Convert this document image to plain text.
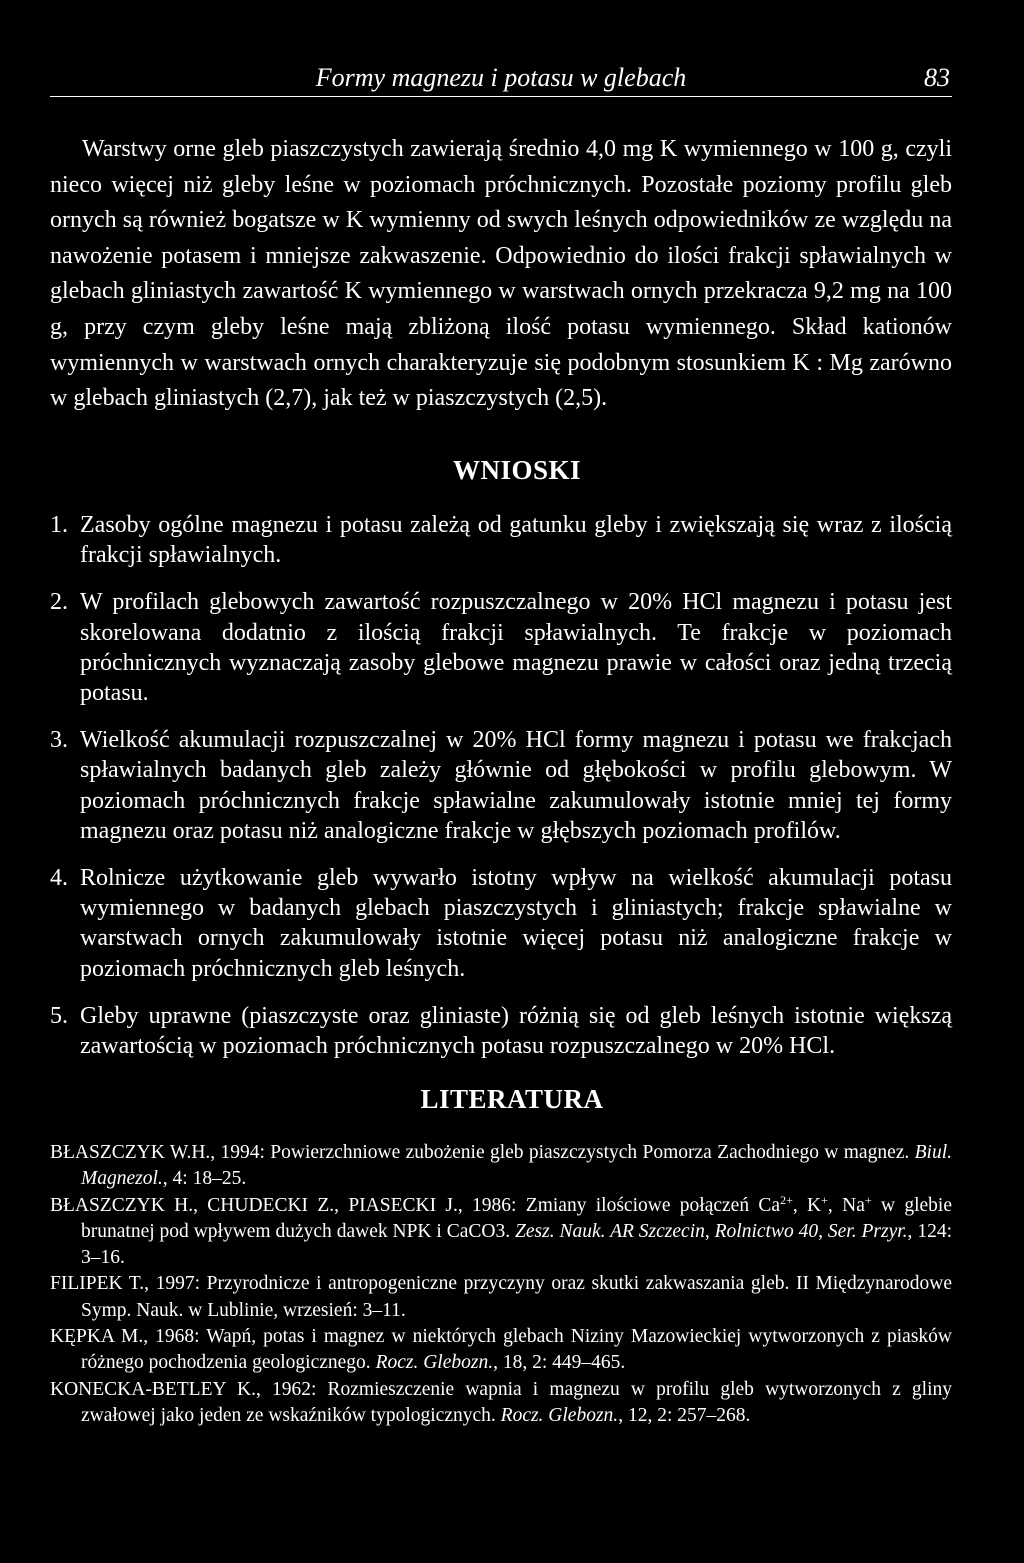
Formy magnezu i potasu w glebach	83

Warstwy orne gleb piaszczystych zawierają średnio 4,0 mg K wymiennego w 100 g, czyli nieco więcej niż gleby leśne w poziomach próchnicznych. Pozostałe poziomy profilu gleb ornych są również bogatsze w K wymienny od swych leśnych odpowiedników ze względu na nawożenie potasem i mniejsze zakwaszenie. Odpowiednio do ilości frakcji spławialnych w glebach gliniastych zawartość K wymiennego w warstwach ornych przekracza 9,2 mg na 100 g, przy czym gleby leśne mają zbliżoną ilość potasu wymiennego. Skład kationów wymiennych w warstwach ornych charakteryzuje się podobnym stosunkiem K : Mg zarówno w glebach gliniastych (2,7), jak też w piaszczystych (2,5).

WNIOSKI
1. Zasoby ogólne magnezu i potasu zależą od gatunku gleby i zwiększają się wraz z ilością frakcji spławialnych.
2. W profilach glebowych zawartość rozpuszczalnego w 20% HCl magnezu i potasu jest skorelowana dodatnio z ilością frakcji spławialnych. Te frakcje w poziomach próchnicznych wyznaczają zasoby glebowe magnezu prawie w całości oraz jedną trzecią potasu.
3. Wielkość akumulacji rozpuszczalnej w 20% HCl formy magnezu i potasu we frakcjach spławialnych badanych gleb zależy głównie od głębokości w profilu glebowym. W poziomach próchnicznych frakcje spławialne zakumulowały istotnie mniej tej formy magnezu oraz potasu niż analogiczne frakcje w głębszych poziomach profilów.
4. Rolnicze użytkowanie gleb wywarło istotny wpływ na wielkość akumulacji potasu wymiennego w badanych glebach piaszczystych i gliniastych; frakcje spławialne w warstwach ornych zakumulowały istotnie więcej potasu niż analogiczne frakcje w poziomach próchnicznych gleb leśnych.
5. Gleby uprawne (piaszczyste oraz gliniaste) różnią się od gleb leśnych istotnie większą zawartością w poziomach próchnicznych potasu rozpuszczalnego w 20% HCl.
LITERATURA
BŁASZCZYK W.H., 1994: Powierzchniowe zubożenie gleb piaszczystych Pomorza Zachodniego w magnez. Biul. Magnezol., 4: 18–25.
BŁASZCZYK H., CHUDECKI Z., PIASECKI J., 1986: Zmiany ilościowe połączeń $Ca^{2+}$, K+, Na+ w glebie brunatnej pod wpływem dużych dawek NPK i CaCO3. Zesz. Nauk. AR Szczecin, Rolnictwo 40, Ser. Przyr., 124: 3–16.
FILIPEK T., 1997: Przyrodnicze i antropogeniczne przyczyny oraz skutki zakwaszania gleb. II Międzynarodowe Symp. Nauk. w Lublinie, wrzesień: 3–11.
KĘPKA M., 1968: Wapń, potas i magnez w niektórych glebach Niziny Mazowieckiej wytworzonych z piasków różnego pochodzenia geologicznego. Rocz. Glebozn., 18, 2: 449–465.
KONECKA-BETLEY K., 1962: Rozmieszczenie wapnia i magnezu w profilu gleb wytworzonych z gliny zwałowej jako jeden ze wskaźników typologicznych. Rocz. Glebozn., 12, 2: 257–268.
